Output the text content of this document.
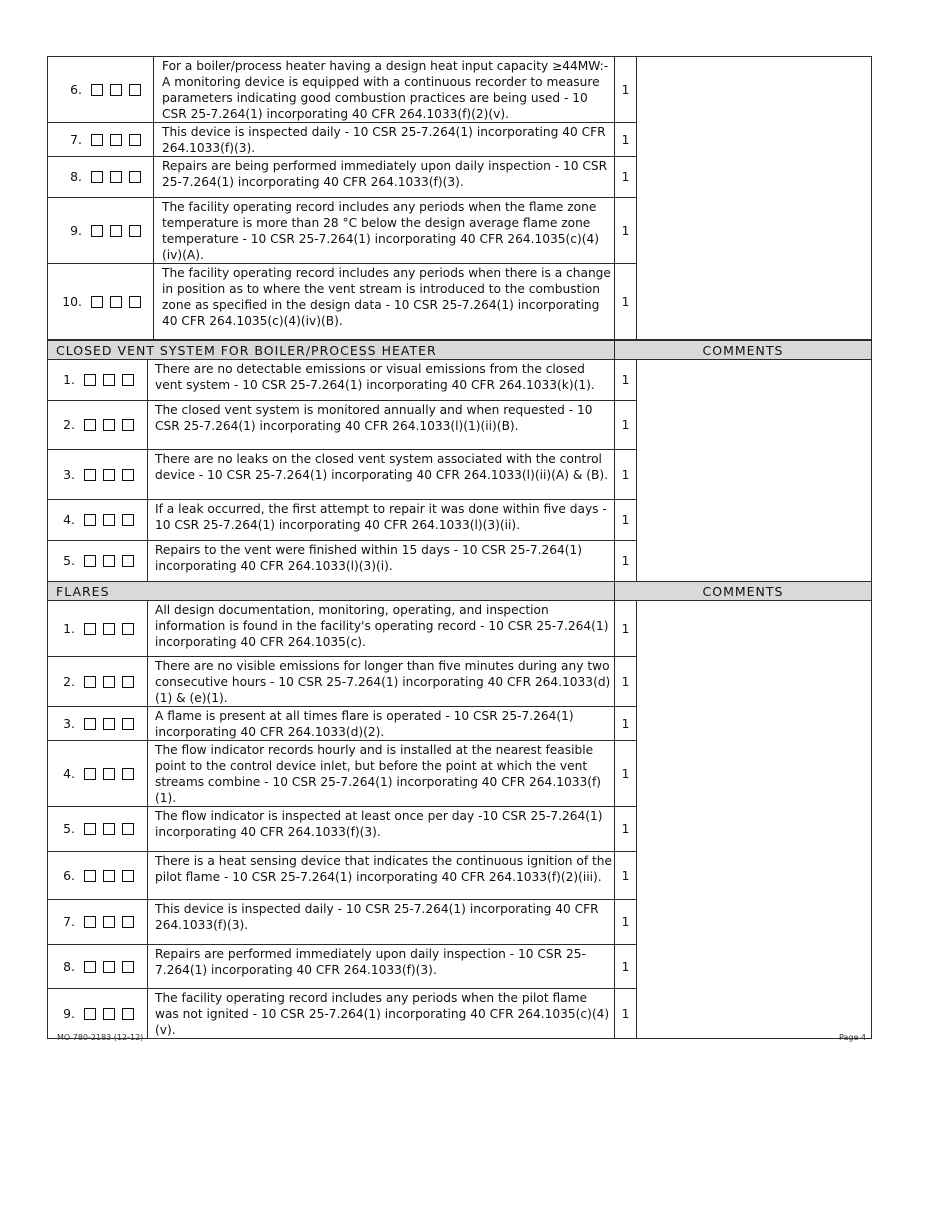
6.	For a boiler/process heater having a design heat input capacity ≥44MW:- A monitoring device is equipped with a continuous recorder to measure parameters indicating good combustion practices are being used - 10 CSR 25-7.264(1) incorporating 40 CFR 264.1033(f)(2)(v).	1	

7.	This device is inspected daily - 10 CSR 25-7.264(1) incorporating 40 CFR 264.1033(f)(3).	1	

8.	Repairs are being performed immediately upon daily inspection - 10 CSR 25-7.264(1) incorporating 40 CFR 264.1033(f)(3).	1	

9.	The facility operating record includes any periods when the flame zone temperature is more than 28 °C below the design average flame zone temperature - 10 CSR 25-7.264(1) incorporating 40 CFR 264.1035(c)(4)(iv)(A).	1	

10.	The facility operating record includes any periods when there is a change in position as to where the vent stream is introduced to the combustion zone as specified in the design data - 10 CSR 25-7.264(1) incorporating 40 CFR 264.1035(c)(4)(iv)(B).	1	
CLOSED VENT SYSTEM FOR BOILER/PROCESS HEATER		COMMENTS	

1.	There are no detectable emissions or visual emissions from the closed vent system - 10 CSR 25-7.264(1) incorporating 40 CFR 264.1033(k)(1).	1	

2.	The closed vent system is monitored annually and when requested - 10 CSR 25-7.264(1) incorporating 40 CFR 264.1033(l)(1)(ii)(B).	1	

3.	There are no leaks on the closed vent system associated with the control device - 10 CSR 25-7.264(1) incorporating 40 CFR 264.1033(l)(ii)(A) & (B).	1	

4.	If a leak occurred, the first attempt to repair it was done within five days - 10 CSR 25-7.264(1) incorporating 40 CFR 264.1033(l)(3)(ii).	1	

5.	Repairs to the vent were finished within 15 days - 10 CSR 25-7.264(1) incorporating 40 CFR 264.1033(l)(3)(i).	1	
FLARES		COMMENTS	

1.	All design documentation, monitoring, operating, and inspection information is found in the facility's operating record - 10 CSR 25-7.264(1) incorporating 40 CFR 264.1035(c).	1	

2.	There are no visible emissions for longer than five minutes during any two consecutive hours - 10 CSR 25-7.264(1) incorporating 40 CFR 264.1033(d)(1) & (e)(1).	1	

3.	A flame is present at all times flare is operated - 10 CSR 25-7.264(1) incorporating 40 CFR 264.1033(d)(2).	1	

4.	The flow indicator records hourly and is installed at the nearest feasible point to the control device inlet, but before the point at which the vent streams combine - 10 CSR 25-7.264(1) incorporating 40 CFR 264.1033(f)(1).	1	

5.	The flow indicator is inspected at least once per day -10 CSR 25-7.264(1) incorporating 40 CFR 264.1033(f)(3).	1	

6.	There is a heat sensing device that indicates the continuous ignition of the pilot flame - 10 CSR 25-7.264(1) incorporating 40 CFR 264.1033(f)(2)(iii).	1	

7.	This device is inspected daily - 10 CSR 25-7.264(1) incorporating 40 CFR 264.1033(f)(3).	1	

8.	Repairs are performed immediately upon daily inspection - 10 CSR 25-7.264(1) incorporating 40 CFR 264.1033(f)(3).	1	

9.	The facility operating record includes any periods when the pilot flame was not ignited - 10 CSR 25-7.264(1) incorporating 40 CFR 264.1035(c)(4)(v).	1	
MO 780-2183 (12-12)	Page 4
